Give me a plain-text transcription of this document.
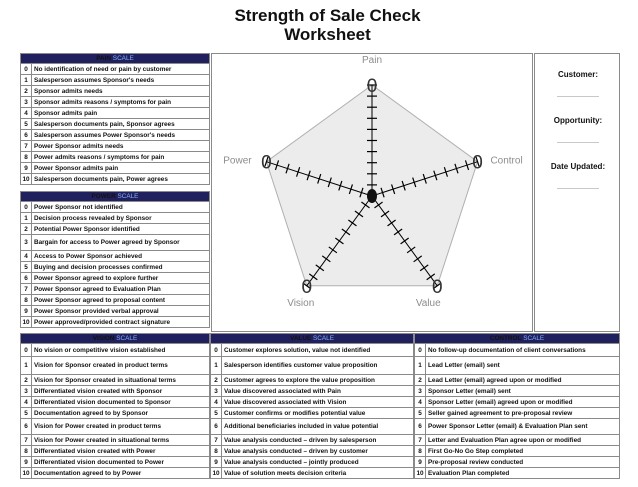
Strength of Sale Check
Worksheet
PAIN SCALE	
0	No identification of need or pain by customer
1	Salesperson assumes Sponsor's needs
2	Sponsor admits needs
3	Sponsor admits reasons / symptoms for pain
4	Sponsor admits pain
5	Salesperson documents pain, Sponsor agrees
6	Salesperson assumes Power Sponsor's needs
7	Power Sponsor admits needs
8	Power admits reasons / symptoms for pain
9	Power Sponsor admits pain
10	Salesperson documents pain, Power agrees
POWER SCALE	
0	Power Sponsor not identified
1	Decision process revealed by Sponsor
2	Potential Power Sponsor identified
3	Bargain for access to Power agreed by Sponsor
4	Access to Power Sponsor achieved
5	Buying and decision processes confirmed
6	Power Sponsor agreed to explore further
7	Power Sponsor agreed to Evaluation Plan
8	Power Sponsor agreed to proposal content
9	Power Sponsor provided verbal approval
10	Power approved/provided contract signature
Pain
0
Control
0
Value
0
Vision
0
Power 0
Customer:
Opportunity:
Date Updated:
VISION SCALE	
0	No vision or competitive vision established
1	Vision for Sponsor created in product terms
2	Vision for Sponsor created in situational terms
3	Differentiated vision created with Sponsor
4	Differentiated vision documented to Sponsor
5	Documentation agreed to by Sponsor
6	Vision for Power created in product terms
7	Vision for Power created in situational terms
8	Differentiated vision created with Power
9	Differentiated vision documented to Power
10	Documentation agreed to by Power
VALUE SCALE	
0	Customer explores solution, value not identified
1	Salesperson identifies customer value proposition
2	Customer agrees to explore the value proposition
3	Value discovered associated with Pain
4	Value discovered associated with Vision
5	Customer confirms or modifies potential value
6	Additional beneficiaries included in value potential
7	Value analysis conducted – driven by salesperson
8	Value analysis conducted – driven by customer
9	Value analysis conducted – jointly produced
10	Value of solution meets decision criteria
CONTROL SCALE	
0	No follow-up documentation of client conversations
1	Lead Letter (email) sent
2	Lead Letter (email) agreed upon or modified
3	Sponsor Letter (email) sent
4	Sponsor Letter (email) agreed upon or modified
5	Seller gained agreement to pre-proposal review
6	Power Sponsor Letter (email) & Evaluation Plan sent
7	Letter and Evaluation Plan agree upon or modified
8	First Go-No Go Step completed
9	Pre-proposal review conducted
10	Evaluation Plan completed
